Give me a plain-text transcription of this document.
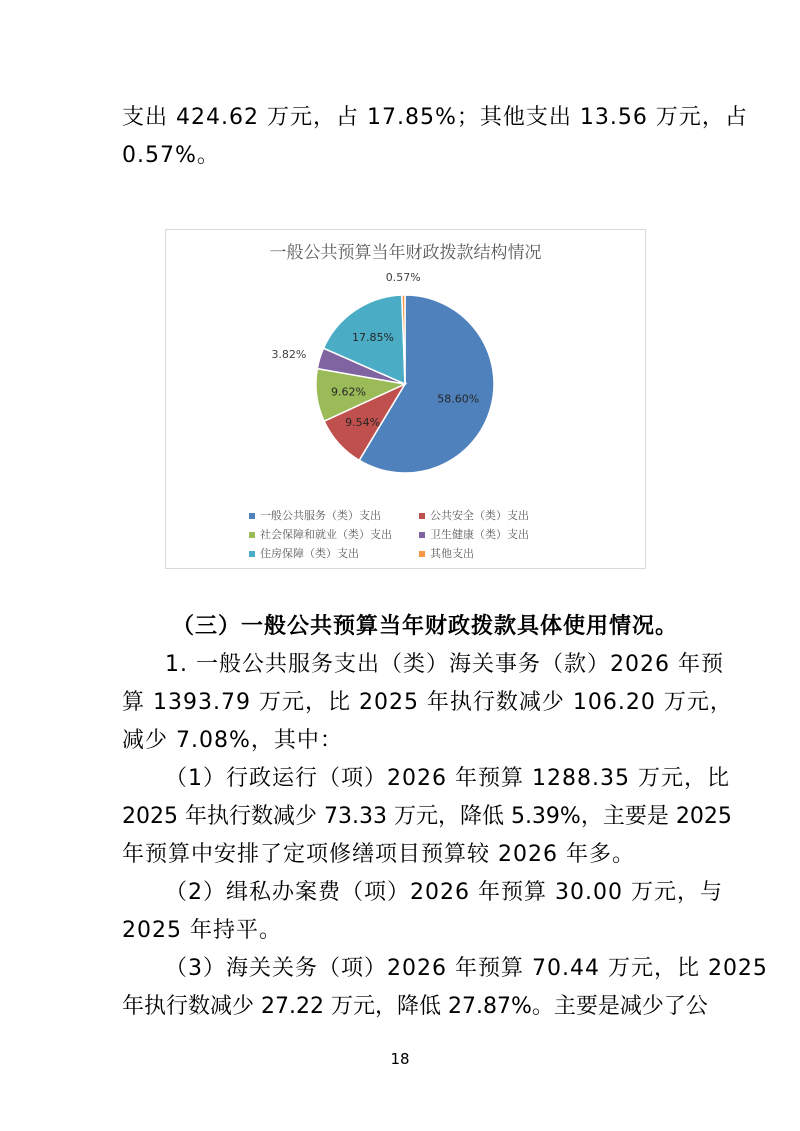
支出 424.62 万元，占 17.85%；其他支出 13.56 万元，占
0.57%。
一般公共预算当年财政拨款结构情况
58.60%
9.54%
9.62%
3.82%
17.85%
0.57%
一般公共服务（类）支出	公共安全（类）支出
社会保障和就业（类）支出	卫生健康（类）支出
住房保障（类）支出	其他支出
（三）一般公共预算当年财政拨款具体使用情况。
1. 一般公共服务支出（类）海关事务（款）2026 年预
算 1393.79 万元，比 2025 年执行数减少 106.20 万元，
减少 7.08%，其中：
（1）行政运行（项）2026 年预算 1288.35 万元，比
2025 年执行数减少 73.33 万元，降低 5.39%，主要是 2025
年预算中安排了定项修缮项目预算较 2026 年多。
（2）缉私办案费（项）2026 年预算 30.00 万元，与
2025 年持平。
（3）海关关务（项）2026 年预算 70.44 万元，比 2025
年执行数减少 27.22 万元，降低 27.87%。主要是减少了公
18
